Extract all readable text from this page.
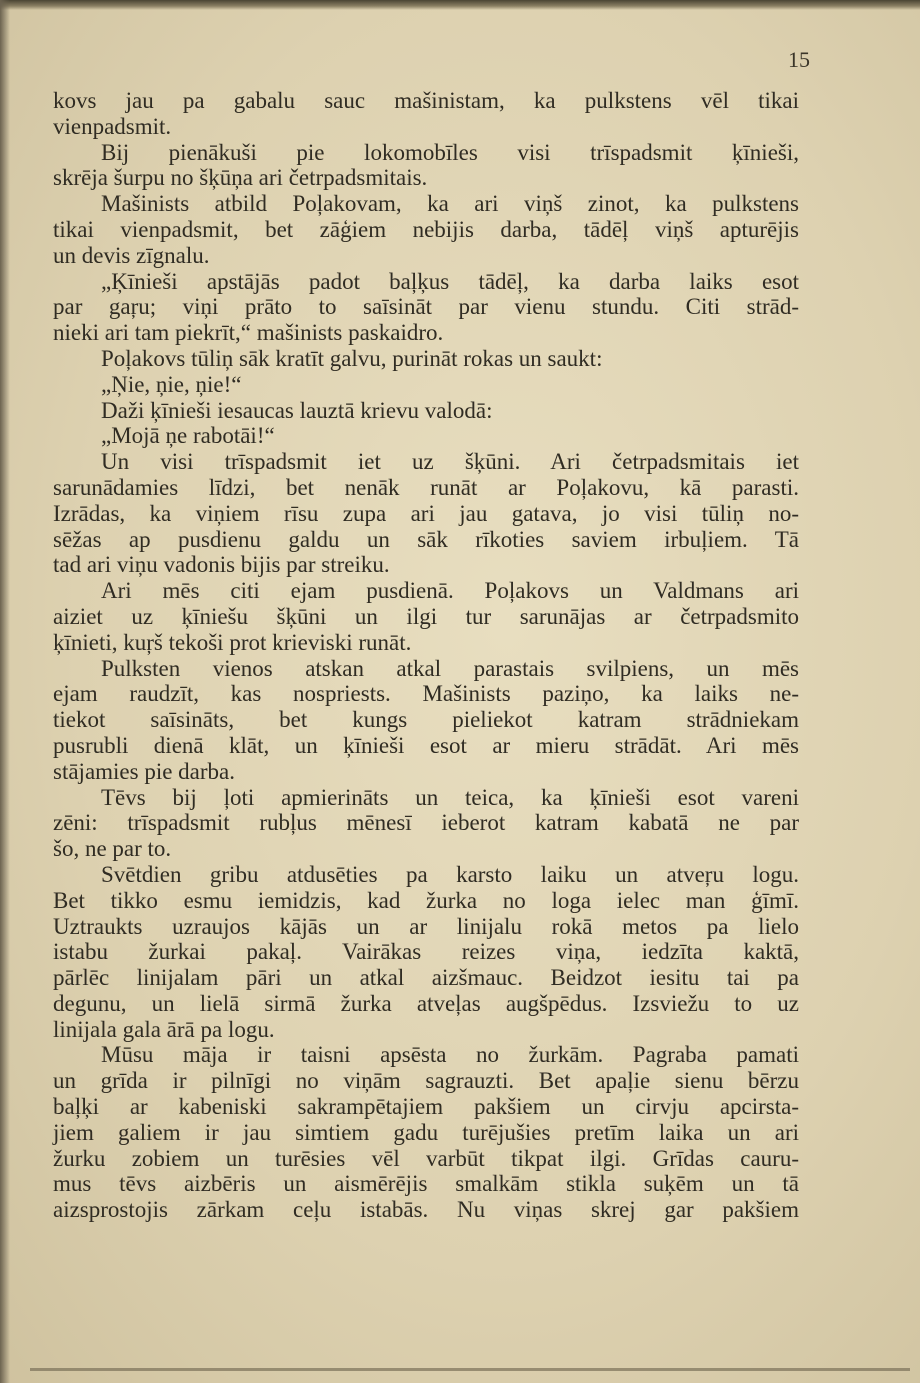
15
kovs jau pa gabalu sauc mašinistam, ka pulkstens vēl tikai
vienpadsmit.
Bij pienākuši pie lokomobīles visi trīspadsmit ķīnieši,
skrēja šurpu no šķūņa ari četrpadsmitais.
Mašinists atbild Poļakovam, ka ari viņš zinot, ka pulkstens
tikai vienpadsmit, bet zāģiem nebijis darba, tādēļ viņš apturējis
un devis zīgnalu.
„Ķīnieši apstājās padot baļķus tādēļ, ka darba laiks esot
par gaŗu; viņi prāto to saīsināt par vienu stundu. Citi strād-
nieki ari tam piekrīt,“ mašinists paskaidro.
Poļakovs tūliņ sāk kratīt galvu, purināt rokas un saukt:
„Ņie, ņie, ņie!“
Daži ķīnieši iesaucas lauztā krievu valodā:
„Mojā ņe rabotāi!“
Un visi trīspadsmit iet uz šķūni. Ari četrpadsmitais iet
sarunādamies līdzi, bet nenāk runāt ar Poļakovu, kā parasti.
Izrādas, ka viņiem rīsu zupa ari jau gatava, jo visi tūliņ no-
sēžas ap pusdienu galdu un sāk rīkoties saviem irbuļiem. Tā
tad ari viņu vadonis bijis par streiku.
Ari mēs citi ejam pusdienā. Poļakovs un Valdmans ari
aiziet uz ķīniešu šķūni un ilgi tur sarunājas ar četrpadsmito
ķīnieti, kuŗš tekoši prot krieviski runāt.
Pulksten vienos atskan atkal parastais svilpiens, un mēs
ejam raudzīt, kas nospriests. Mašinists paziņo, ka laiks ne-
tiekot saīsināts, bet kungs pieliekot katram strādniekam
pusrubli dienā klāt, un ķīnieši esot ar mieru strādāt. Ari mēs
stājamies pie darba.
Tēvs bij ļoti apmierināts un teica, ka ķīnieši esot vareni
zēni: trīspadsmit rubļus mēnesī ieberot katram kabatā ne par
šo, ne par to.
Svētdien gribu atdusēties pa karsto laiku un atveŗu logu.
Bet tikko esmu iemidzis, kad žurka no loga ielec man ģīmī.
Uztraukts uzraujos kājās un ar linijalu rokā metos pa lielo
istabu žurkai pakaļ. Vairākas reizes viņa, iedzīta kaktā,
pārlēc linijalam pāri un atkal aizšmauc. Beidzot iesitu tai pa
degunu, un lielā sirmā žurka atveļas augšpēdus. Izsviežu to uz
linijala gala ārā pa logu.
Mūsu māja ir taisni apsēsta no žurkām. Pagraba pamati
un grīda ir pilnīgi no viņām sagrauzti. Bet apaļie sienu bērzu
baļķi ar kabeniski sakrampētajiem pakšiem un cirvju apcirsta-
jiem galiem ir jau simtiem gadu turējušies pretīm laika un ari
žurku zobiem un turēsies vēl varbūt tikpat ilgi. Grīdas cauru-
mus tēvs aizbēris un aismērējis smalkām stikla suķēm un tā
aizsprostojis zārkam ceļu istabās. Nu viņas skrej gar pakšiem
